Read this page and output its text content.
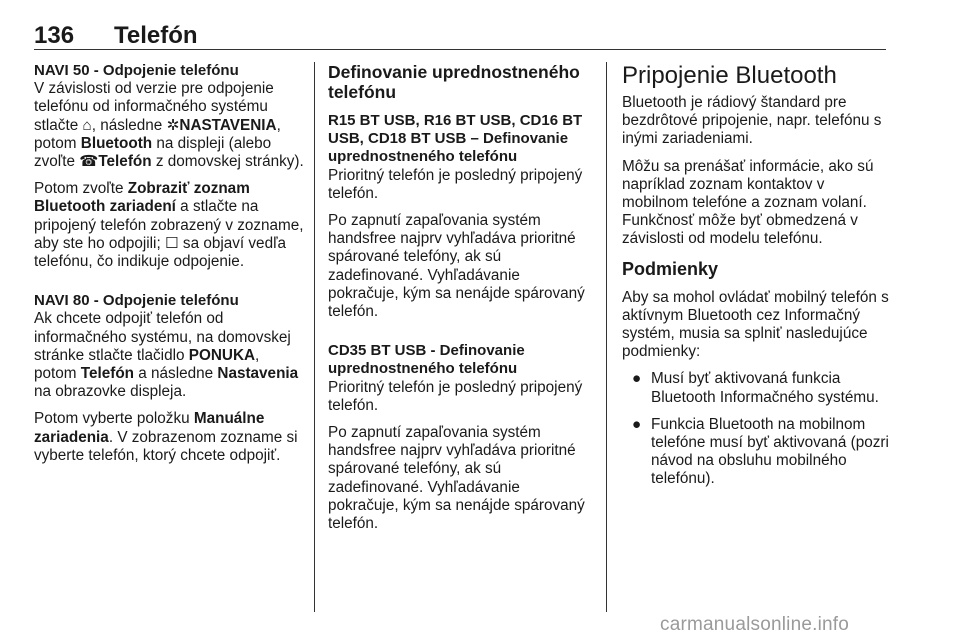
136 Telefón
NAVI 50 - Odpojenie telefónu

V závislosti od verzie pre odpojenie telefónu od informačného systému stlačte ⌂, následne ✲NASTAVENIA, potom Bluetooth na displeji (alebo zvoľte ☎Telefón z domovskej stránky).

Potom zvoľte Zobraziť zoznam Bluetooth zariadení a stlačte na pripojený telefón zobrazený v zozname, aby ste ho odpojili; ☐ sa objaví vedľa telefónu, čo indikuje odpojenie.

NAVI 80 - Odpojenie telefónu

Ak chcete odpojiť telefón od informačného systému, na domovskej stránke stlačte tlačidlo PONUKA, potom Telefón a následne Nastavenia na obrazovke displeja.

Potom vyberte položku Manuálne zariadenia. V zobrazenom zozname si vyberte telefón, ktorý chcete odpojiť.

Definovanie uprednostneného telefónu
R15 BT USB, R16 BT USB, CD16 BT USB, CD18 BT USB – Definovanie uprednostneného telefónu

Prioritný telefón je posledný pripojený telefón.

Po zapnutí zapaľovania systém handsfree najprv vyhľadáva prioritné spárované telefóny, ak sú zadefinované. Vyhľadávanie pokračuje, kým sa nenájde spárovaný telefón.

CD35 BT USB - Definovanie uprednostneného telefónu

Prioritný telefón je posledný pripojený telefón.

Po zapnutí zapaľovania systém handsfree najprv vyhľadáva prioritné spárované telefóny, ak sú zadefinované. Vyhľadávanie pokračuje, kým sa nenájde spárovaný telefón.

Pripojenie Bluetooth

Bluetooth je rádiový štandard pre bezdrôtové pripojenie, napr. telefónu s inými zariadeniami.

Môžu sa prenášať informácie, ako sú napríklad zoznam kontaktov v mobilnom telefóne a zoznam volaní. Funkčnosť môže byť obmedzená v závislosti od modelu telefónu.

Podmienky

Aby sa mohol ovládať mobilný telefón s aktívnym Bluetooth cez Informačný systém, musia sa splniť nasledujúce podmienky:

● Musí byť aktivovaná funkcia Bluetooth Informačného systému.
● Funkcia Bluetooth na mobilnom telefóne musí byť aktivovaná (pozri návod na obsluhu mobilného telefónu).
carmanualsonline.info
